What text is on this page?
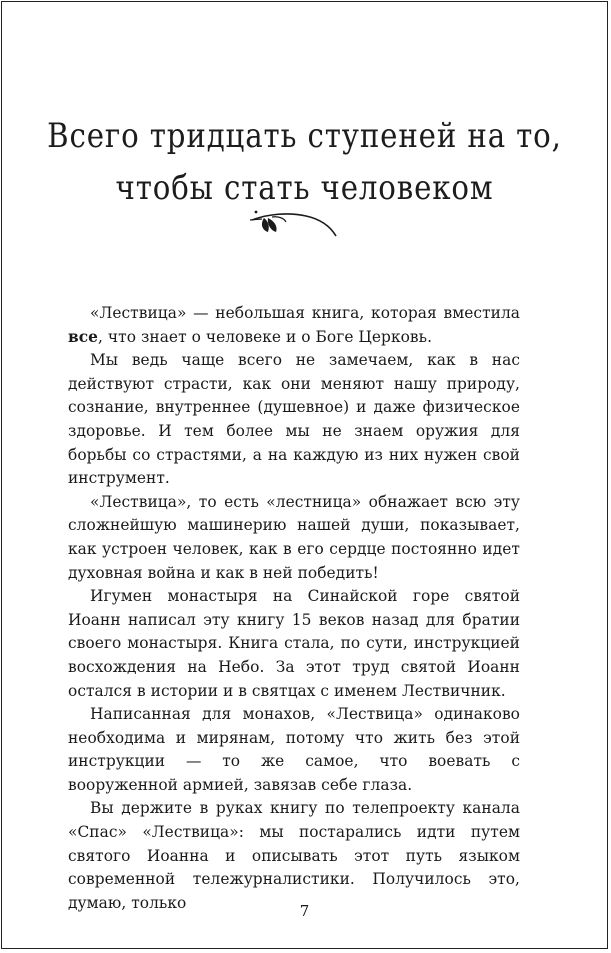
Всего тридцать ступеней на то,
чтобы стать человеком

«Лествица» — небольшая книга, которая вместила все, что знает о человеке и о Боге Церковь.

Мы ведь чаще всего не замечаем, как в нас действуют страсти, как они меняют нашу природу, сознание, внутреннее (душевное) и даже физическое здоровье. И тем более мы не знаем оружия для борьбы со страстями, а на каждую из них нужен свой инструмент.

«Лествица», то есть «лестница» обнажает всю эту сложнейшую машинерию нашей души, показывает, как устроен человек, как в его сердце постоянно идет духовная война и как в ней победить!

Игумен монастыря на Синайской горе святой Иоанн написал эту книгу 15 веков назад для братии своего монастыря. Книга стала, по сути, инструкцией восхождения на Небо. За этот труд святой Иоанн остался в истории и в святцах с именем Лествичник.

Написанная для монахов, «Лествица» одинаково необходима и мирянам, потому что жить без этой инструкции — то же самое, что воевать с вооруженной армией, завязав себе глаза.

Вы держите в руках книгу по телепроекту канала «Спас» «Лествица»: мы постарались идти путем святого Иоанна и описывать этот путь языком современной тележурналистики. Получилось это, думаю, только	7
